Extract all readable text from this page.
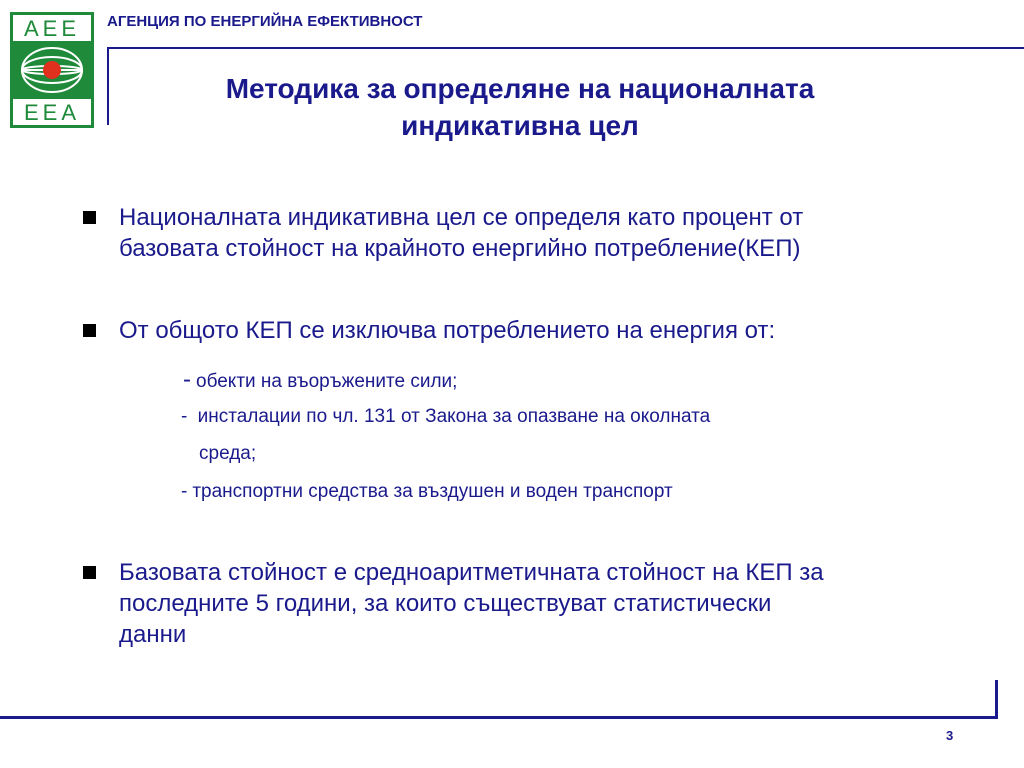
AEE
EEA
АГЕНЦИЯ ПО ЕНЕРГИЙНА ЕФЕКТИВНОСТ
Методика за определяне на националната
индикативна цел
Националната индикативна цел се определя като процент от
базовата стойност на крайното енергийно потребление(КЕП)
От общото КЕП се изключва потреблението на енергия от:
- обекти на въоръжените сили;
- инсталации по чл. 131 от Закона за опазване на околната
среда;
- транспортни средства за въздушен и воден транспорт
Базовата стойност е средноаритметичната стойност на КЕП за
последните 5 години, за които съществуват статистически
данни
3
